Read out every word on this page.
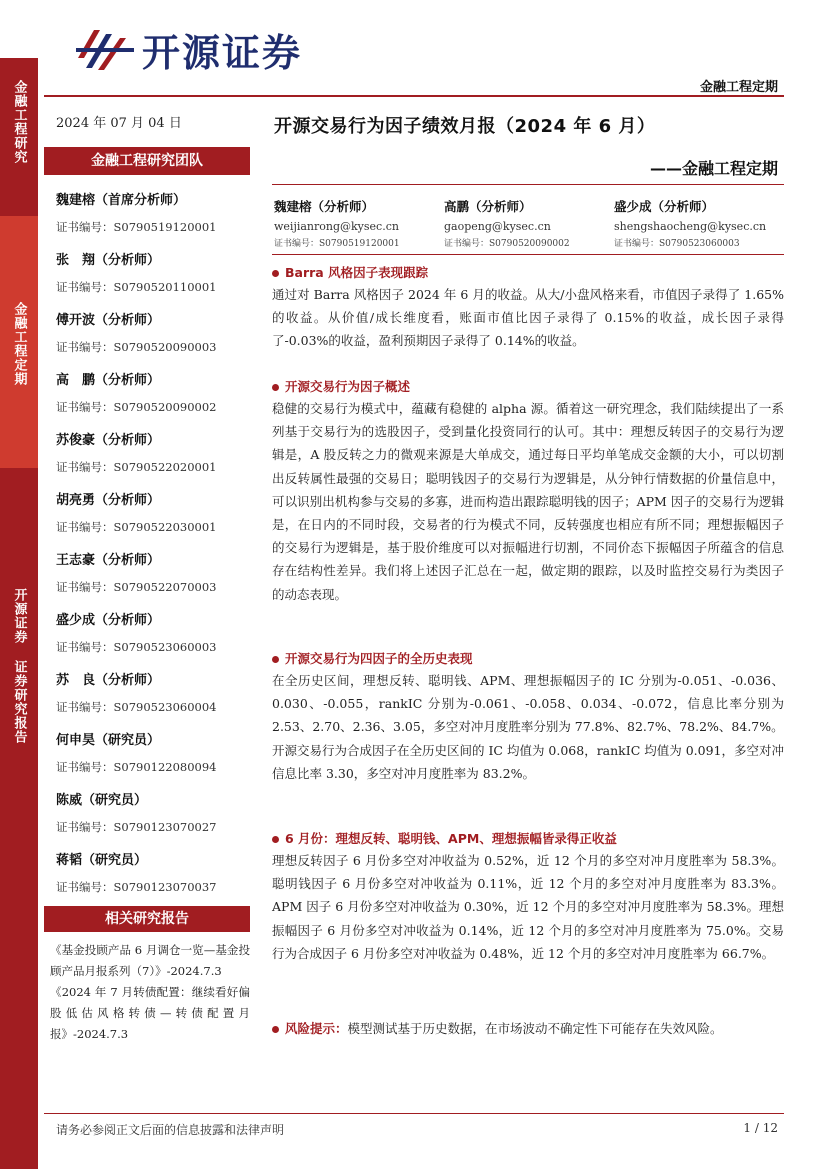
金融工程研究
金融工程定期
开源证券 证券研究报告
开源证券
金融工程定期
2024 年 07 月 04 日
金融工程研究团队
魏建榕（首席分析师）
证书编号：S0790519120001
张　翔（分析师）
证书编号：S0790520110001
傅开波（分析师）
证书编号：S0790520090003
高　鹏（分析师）
证书编号：S0790520090002
苏俊豪（分析师）
证书编号：S0790522020001
胡亮勇（分析师）
证书编号：S0790522030001
王志豪（分析师）
证书编号：S0790522070003
盛少成（分析师）
证书编号：S0790523060003
苏　良（分析师）
证书编号：S0790523060004
何申昊（研究员）
证书编号：S0790122080094
陈威（研究员）
证书编号：S0790123070027
蒋韬（研究员）
证书编号：S0790123070037
相关研究报告
《基金投顾产品 6 月调仓一览—基金投顾产品月报系列（7）》-2024.7.3
《2024 年 7 月转债配置：继续看好偏股低估风格转债—转债配置月报》-2024.7.3
开源交易行为因子绩效月报（2024 年 6 月）
——金融工程定期
魏建榕（分析师）
weijianrong@kysec.cn
证书编号：S0790519120001
高鹏（分析师）
gaopeng@kysec.cn
证书编号：S0790520090002
盛少成（分析师）
shengshaocheng@kysec.cn
证书编号：S0790523060003
Barra 风格因子表现跟踪

通过对 Barra 风格因子 2024 年 6 月的收益。从大/小盘风格来看，市值因子录得了 1.65%的收益。从价值/成长维度看，账面市值比因子录得了 0.15%的收益，成长因子录得了-0.03%的收益，盈利预期因子录得了 0.14%的收益。

开源交易行为因子概述

稳健的交易行为模式中，蕴藏有稳健的 alpha 源。循着这一研究理念，我们陆续提出了一系列基于交易行为的选股因子，受到量化投资同行的认可。其中：理想反转因子的交易行为逻辑是，A 股反转之力的微观来源是大单成交，通过每日平均单笔成交金额的大小，可以切割出反转属性最强的交易日；聪明钱因子的交易行为逻辑是，从分钟行情数据的价量信息中，可以识别出机构参与交易的多寡，进而构造出跟踪聪明钱的因子；APM 因子的交易行为逻辑是，在日内的不同时段，交易者的行为模式不同，反转强度也相应有所不同；理想振幅因子的交易行为逻辑是，基于股价维度可以对振幅进行切割，不同价态下振幅因子所蕴含的信息存在结构性差异。我们将上述因子汇总在一起，做定期的跟踪，以及时监控交易行为类因子的动态表现。

开源交易行为四因子的全历史表现

在全历史区间，理想反转、聪明钱、APM、理想振幅因子的 IC 分别为-0.051、-0.036、0.030、-0.055，rankIC 分别为-0.061、-0.058、0.034、-0.072，信息比率分别为 2.53、2.70、2.36、3.05，多空对冲月度胜率分别为 77.8%、82.7%、78.2%、84.7%。

开源交易行为合成因子在全历史区间的 IC 均值为 0.068，rankIC 均值为 0.091，多空对冲信息比率 3.30，多空对冲月度胜率为 83.2%。

6 月份：理想反转、聪明钱、APM、理想振幅皆录得正收益

理想反转因子 6 月份多空对冲收益为 0.52%，近 12 个月的多空对冲月度胜率为 58.3%。聪明钱因子 6 月份多空对冲收益为 0.11%，近 12 个月的多空对冲月度胜率为 83.3%。APM 因子 6 月份多空对冲收益为 0.30%，近 12 个月的多空对冲月度胜率为 58.3%。理想振幅因子 6 月份多空对冲收益为 0.14%，近 12 个月的多空对冲月度胜率为 75.0%。交易行为合成因子 6 月份多空对冲收益为 0.48%，近 12 个月的多空对冲月度胜率为 66.7%。

风险提示： 模型测试基于历史数据，在市场波动不确定性下可能存在失效风险。
请务必参阅正文后面的信息披露和法律声明	1 / 12
